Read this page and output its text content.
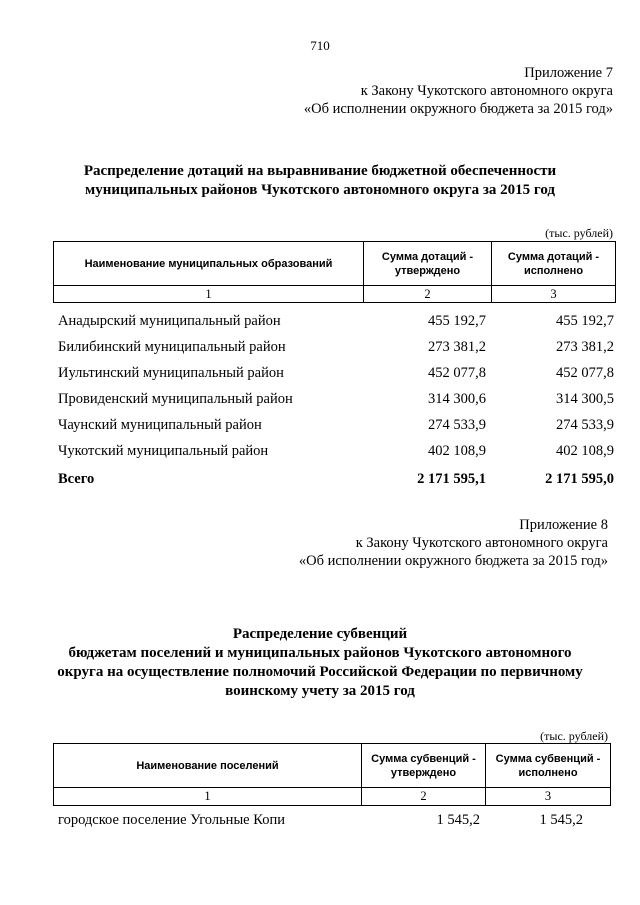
710
Приложение 7
к Закону Чукотского автономного округа
«Об исполнении окружного бюджета за 2015 год»
Распределение дотаций на выравнивание бюджетной обеспеченности
муниципальных районов Чукотского автономного округа за 2015 год
(тыс. рублей)
Наименование муниципальных образований	Сумма дотаций - утверждено	Сумма дотаций - исполнено
1	2	3
Анадырский муниципальный район	455 192,7	455 192,7
Билибинский муниципальный район	273 381,2	273 381,2
Иультинский муниципальный район	452 077,8	452 077,8
Провиденский муниципальный район	314 300,6	314 300,5
Чаунский муниципальный район	274 533,9	274 533,9
Чукотский муниципальный район	402 108,9	402 108,9
Всего	2 171 595,1	2 171 595,0
Приложение 8
к Закону Чукотского автономного округа
«Об исполнении окружного бюджета за 2015 год»
Распределение субвенций
бюджетам поселений и муниципальных районов Чукотского автономного
округа на осуществление полномочий Российской Федерации по первичному
воинскому учету за 2015 год
(тыс. рублей)
Наименование поселений	Сумма субвенций - утверждено	Сумма субвенций - исполнено
1	2	3
городское поселение Угольные Копи	1 545,2	1 545,2
